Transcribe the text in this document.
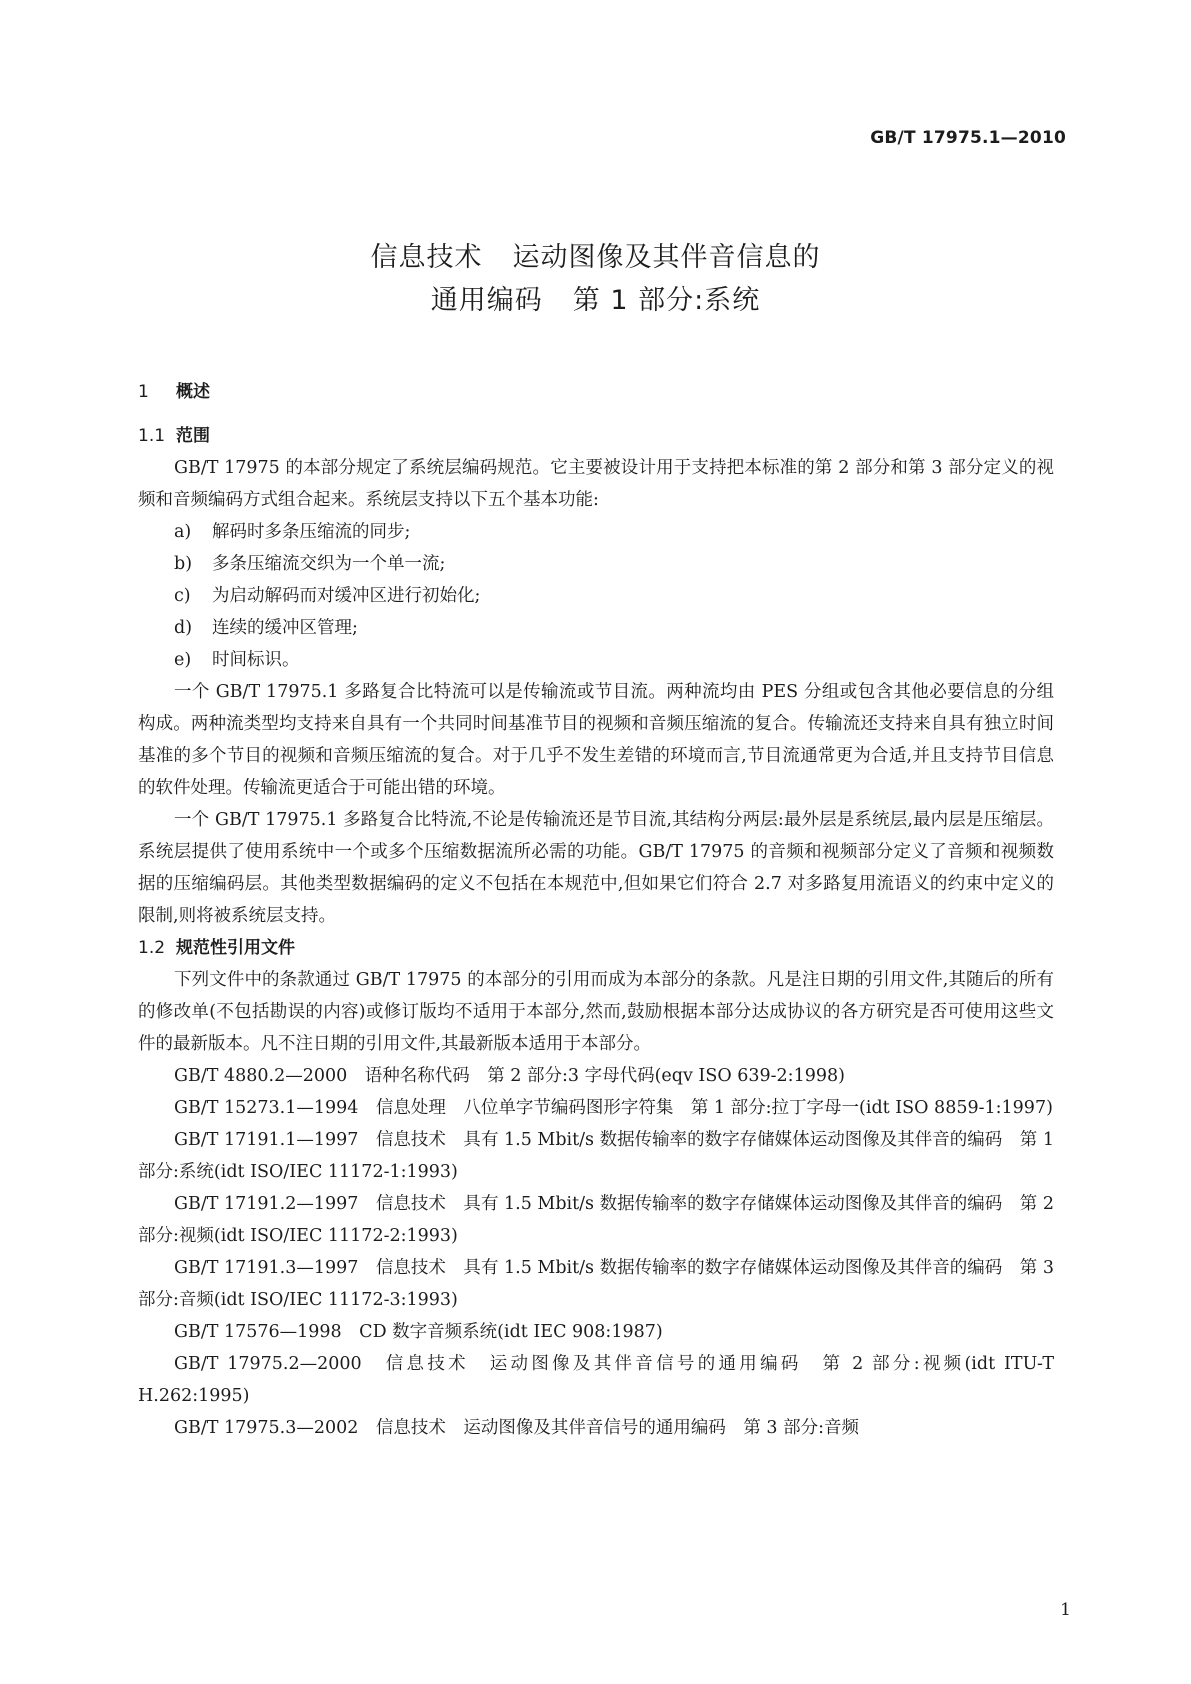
GB/T 17975.1—2010
信息技术 运动图像及其伴音信息的
通用编码 第 1 部分:系统
1 概述
1.1 范围

GB/T 17975 的本部分规定了系统层编码规范。它主要被设计用于支持把本标准的第 2 部分和第 3 部分定义的视频和音频编码方式组合起来。系统层支持以下五个基本功能:

a) 解码时多条压缩流的同步;

b) 多条压缩流交织为一个单一流;

c) 为启动解码而对缓冲区进行初始化;

d) 连续的缓冲区管理;

e) 时间标识。

一个 GB/T 17975.1 多路复合比特流可以是传输流或节目流。两种流均由 PES 分组或包含其他必要信息的分组构成。两种流类型均支持来自具有一个共同时间基准节目的视频和音频压缩流的复合。传输流还支持来自具有独立时间基准的多个节目的视频和音频压缩流的复合。对于几乎不发生差错的环境而言,节目流通常更为合适,并且支持节目信息的软件处理。传输流更适合于可能出错的环境。

一个 GB/T 17975.1 多路复合比特流,不论是传输流还是节目流,其结构分两层:最外层是系统层,最内层是压缩层。系统层提供了使用系统中一个或多个压缩数据流所必需的功能。GB/T 17975 的音频和视频部分定义了音频和视频数据的压缩编码层。其他类型数据编码的定义不包括在本规范中,但如果它们符合 2.7 对多路复用流语义的约束中定义的限制,则将被系统层支持。

1.2 规范性引用文件

下列文件中的条款通过 GB/T 17975 的本部分的引用而成为本部分的条款。凡是注日期的引用文件,其随后的所有的修改单(不包括勘误的内容)或修订版均不适用于本部分,然而,鼓励根据本部分达成协议的各方研究是否可使用这些文件的最新版本。凡不注日期的引用文件,其最新版本适用于本部分。

GB/T 4880.2—2000　语种名称代码　第 2 部分:3 字母代码(eqv ISO 639-2:1998)

GB/T 15273.1—1994　信息处理　八位单字节编码图形字符集　第 1 部分:拉丁字母一(idt ISO 8859-1:1997)

GB/T 17191.1—1997　信息技术　具有 1.5 Mbit/s 数据传输率的数字存储媒体运动图像及其伴音的编码　第 1 部分:系统(idt ISO/IEC 11172-1:1993)

GB/T 17191.2—1997　信息技术　具有 1.5 Mbit/s 数据传输率的数字存储媒体运动图像及其伴音的编码　第 2 部分:视频(idt ISO/IEC 11172-2:1993)

GB/T 17191.3—1997　信息技术　具有 1.5 Mbit/s 数据传输率的数字存储媒体运动图像及其伴音的编码　第 3 部分:音频(idt ISO/IEC 11172-3:1993)

GB/T 17576—1998　CD 数字音频系统(idt IEC 908:1987)

GB/T 17975.2—2000　信息技术　运动图像及其伴音信号的通用编码　第 2 部分:视频(idt ITU-T H.262:1995)

GB/T 17975.3—2002　信息技术　运动图像及其伴音信号的通用编码　第 3 部分:音频

1
